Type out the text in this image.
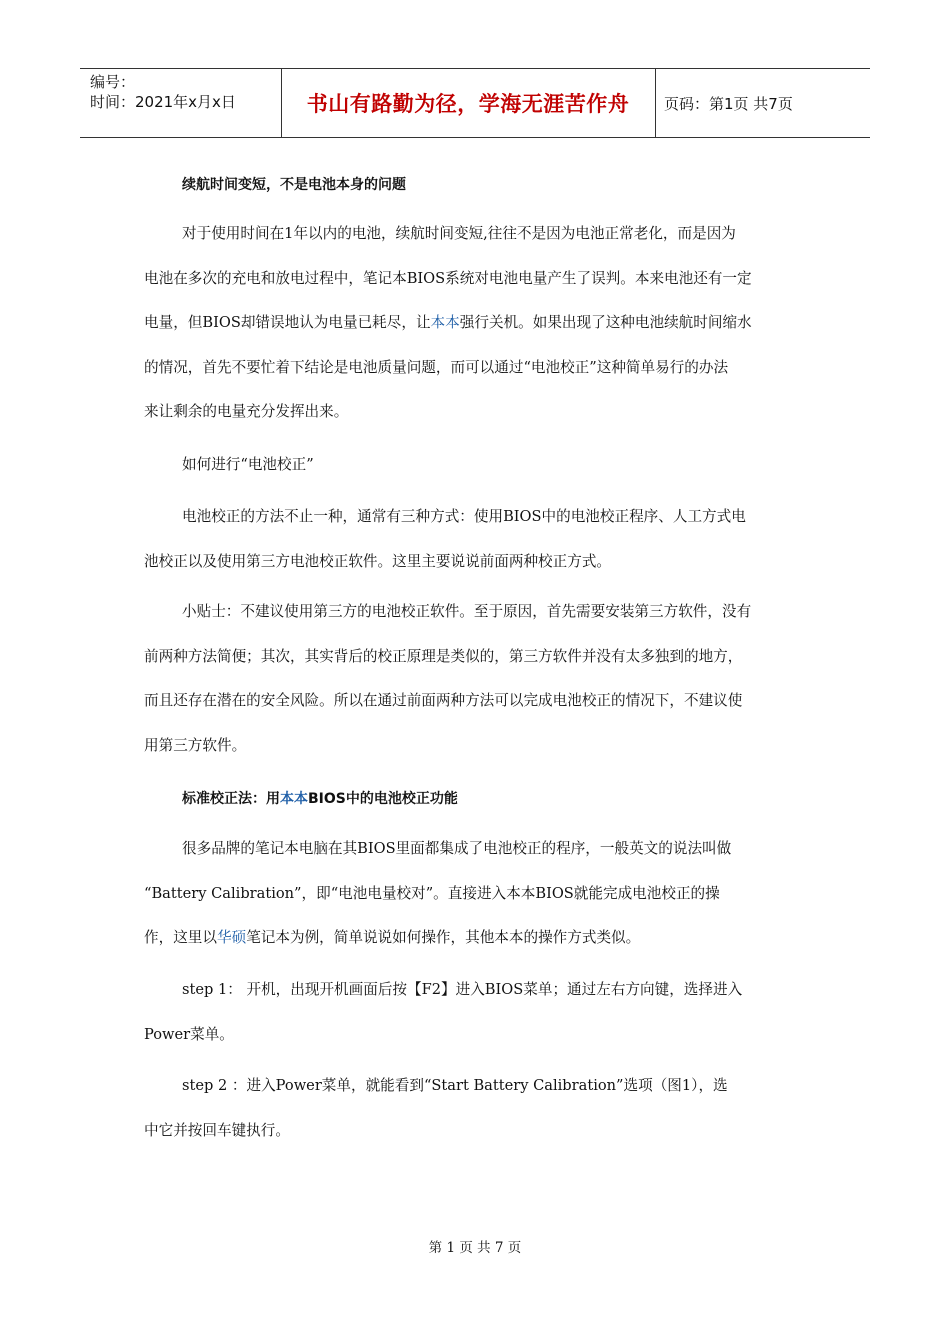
编号：
时间：2021年x月x日	书山有路勤为径，学海无涯苦作舟	页码：第1页 共7页
续航时间变短，不是电池本身的问题
对于使用时间在1年以内的电池，续航时间变短,往往不是因为电池正常老化，而是因为
电池在多次的充电和放电过程中，笔记本BIOS系统对电池电量产生了误判。本来电池还有一定
电量，但BIOS却错误地认为电量已耗尽，让本本强行关机。如果出现了这种电池续航时间缩水
的情况，首先不要忙着下结论是电池质量问题，而可以通过“电池校正”这种简单易行的办法
来让剩余的电量充分发挥出来。
如何进行“电池校正”
电池校正的方法不止一种，通常有三种方式：使用BIOS中的电池校正程序、人工方式电
池校正以及使用第三方电池校正软件。这里主要说说前面两种校正方式。
小贴士：不建议使用第三方的电池校正软件。至于原因，首先需要安装第三方软件，没有
前两种方法简便；其次，其实背后的校正原理是类似的，第三方软件并没有太多独到的地方，
而且还存在潜在的安全风险。所以在通过前面两种方法可以完成电池校正的情况下，不建议使
用第三方软件。
标准校正法：用本本BIOS中的电池校正功能
很多品牌的笔记本电脑在其BIOS里面都集成了电池校正的程序，一般英文的说法叫做
“Battery Calibration”，即“电池电量校对”。直接进入本本BIOS就能完成电池校正的操
作，这里以华硕笔记本为例，简单说说如何操作，其他本本的操作方式类似。
step 1： 开机，出现开机画面后按【F2】进入BIOS菜单；通过左右方向键，选择进入
Power菜单。
step 2 ：进入Power菜单，就能看到“Start Battery Calibration”选项（图1），选
中它并按回车键执行。
第 1 页 共 7 页
